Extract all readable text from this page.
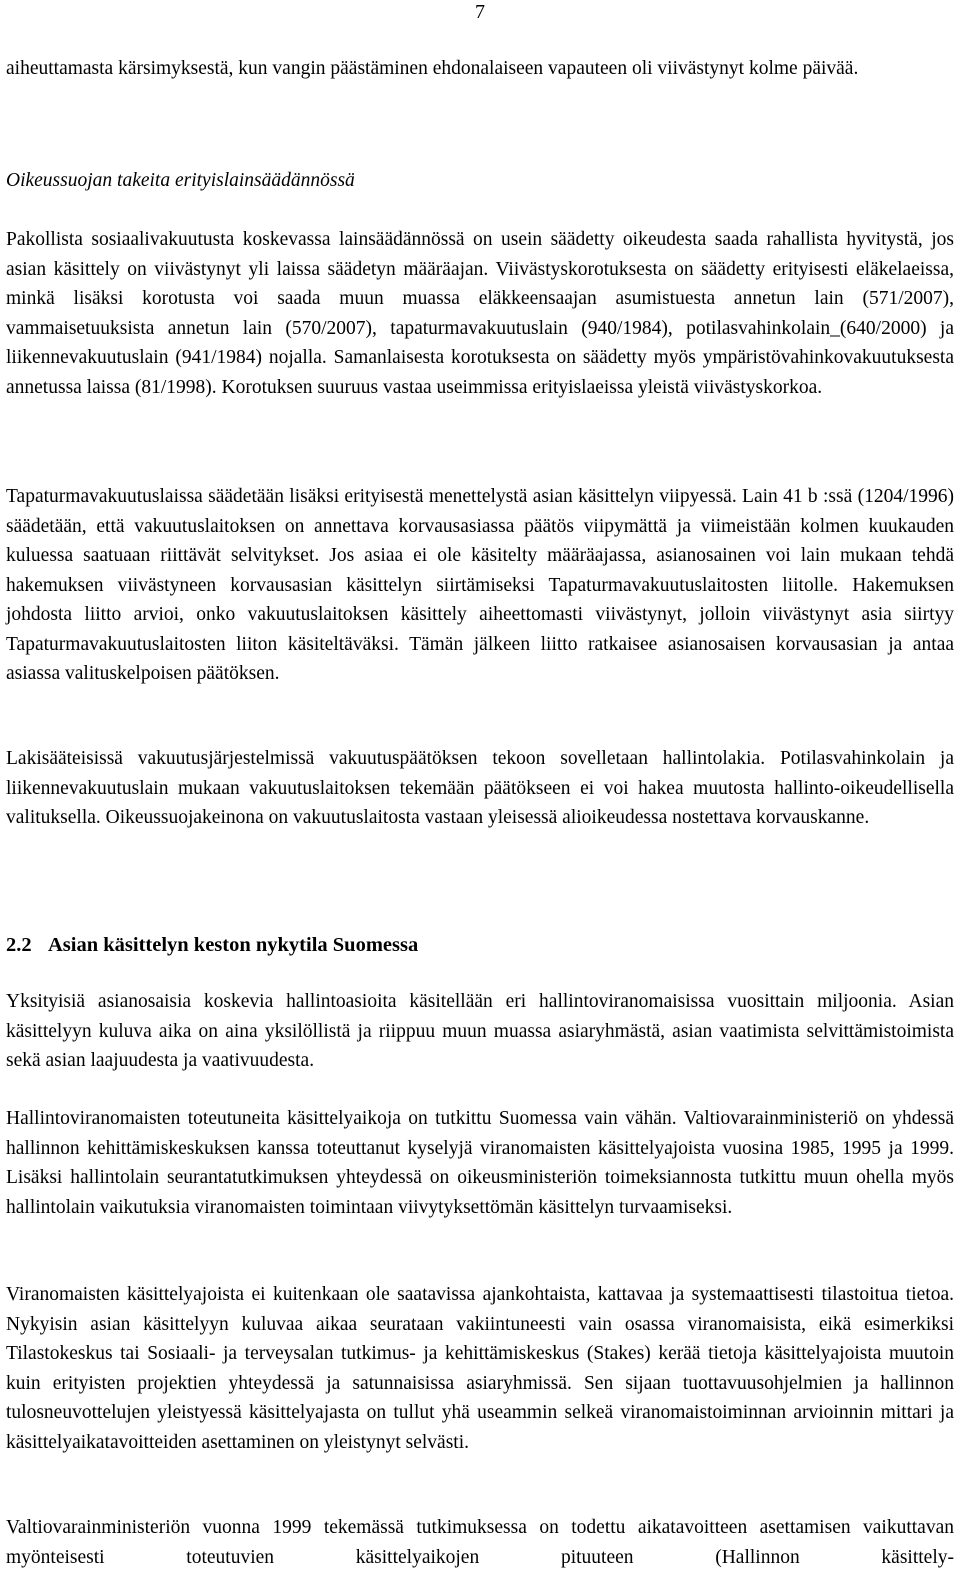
7

aiheuttamasta kärsimyksestä, kun vangin päästäminen ehdonalaiseen vapauteen oli viivästynyt kolme päivää.

Oikeussuojan takeita erityislainsäädännössä

Pakollista sosiaalivakuutusta koskevassa lainsäädännössä on usein säädetty oikeudesta saada rahallista hyvitystä, jos asian käsittely on viivästynyt yli laissa säädetyn määräajan. Viivästyskorotuksesta on säädetty erityisesti eläkelaeissa, minkä lisäksi korotusta voi saada muun muassa eläkkeensaajan asumistuesta annetun lain (571/2007), vammaisetuuksista annetun lain (570/2007), tapaturmavakuutuslain (940/1984), potilasvahinkolain_(640/2000) ja liikennevakuutuslain (941/1984) nojalla. Samanlaisesta korotuksesta on säädetty myös ympäristövahinkovakuutuksesta annetussa laissa (81/1998). Korotuksen suuruus vastaa useimmissa erityislaeissa yleistä viivästyskorkoa.

Tapaturmavakuutuslaissa säädetään lisäksi erityisestä menettelystä asian käsittelyn viipyessä. Lain 41 b :ssä (1204/1996) säädetään, että vakuutuslaitoksen on annettava korvausasiassa päätös viipymättä ja viimeistään kolmen kuukauden kuluessa saatuaan riittävät selvitykset. Jos asiaa ei ole käsitelty määräajassa, asianosainen voi lain mukaan tehdä hakemuksen viivästyneen korvausasian käsittelyn siirtämiseksi Tapaturmavakuutuslaitosten liitolle. Hakemuksen johdosta liitto arvioi, onko vakuutuslaitoksen käsittely aiheettomasti viivästynyt, jolloin viivästynyt asia siirtyy Tapaturmavakuutuslaitosten liiton käsiteltäväksi. Tämän jälkeen liitto ratkaisee asianosaisen korvausasian ja antaa asiassa valituskelpoisen päätöksen.

Lakisääteisissä vakuutusjärjestelmissä vakuutuspäätöksen tekoon sovelletaan hallintolakia. Potilasvahinkolain ja liikennevakuutuslain mukaan vakuutuslaitoksen tekemään päätökseen ei voi hakea muutosta hallinto-oikeudellisella valituksella. Oikeussuojakeinona on vakuutuslaitosta vastaan yleisessä alioikeudessa nostettava korvauskanne.

2.2 Asian käsittelyn keston nykytila Suomessa

Yksityisiä asianosaisia koskevia hallintoasioita käsitellään eri hallintoviranomaisissa vuosittain miljoonia. Asian käsittelyyn kuluva aika on aina yksilöllistä ja riippuu muun muassa asiaryhmästä, asian vaatimista selvittämistoimista sekä asian laajuudesta ja vaativuudesta.

Hallintoviranomaisten toteutuneita käsittelyaikoja on tutkittu Suomessa vain vähän. Valtiovarainministeriö on yhdessä hallinnon kehittämiskeskuksen kanssa toteuttanut kyselyjä viranomaisten käsittelyajoista vuosina 1985, 1995 ja 1999. Lisäksi hallintolain seurantatutkimuksen yhteydessä on oikeusministeriön toimeksiannosta tutkittu muun ohella myös hallintolain vaikutuksia viranomaisten toimintaan viivytyksettömän käsittelyn turvaamiseksi.

Viranomaisten käsittelyajoista ei kuitenkaan ole saatavissa ajankohtaista, kattavaa ja systemaattisesti tilastoitua tietoa. Nykyisin asian käsittelyyn kuluvaa aikaa seurataan vakiintuneesti vain osassa viranomaisista, eikä esimerkiksi Tilastokeskus tai Sosiaali- ja terveysalan tutkimus- ja kehittämiskeskus (Stakes) kerää tietoja käsittelyajoista muutoin kuin erityisten projektien yhteydessä ja satunnaisissa asiaryhmissä. Sen sijaan tuottavuusohjelmien ja hallinnon tulosneuvottelujen yleistyessä käsittelyajasta on tullut yhä useammin selkeä viranomaistoiminnan arvioinnin mittari ja käsittelyaikatavoitteiden asettaminen on yleistynyt selvästi.

Valtiovarainministeriön vuonna 1999 tekemässä tutkimuksessa on todettu aikatavoitteen asettamisen vaikuttavan myönteisesti toteutuvien käsittelyaikojen pituuteen (Hallinnon käsittely-
